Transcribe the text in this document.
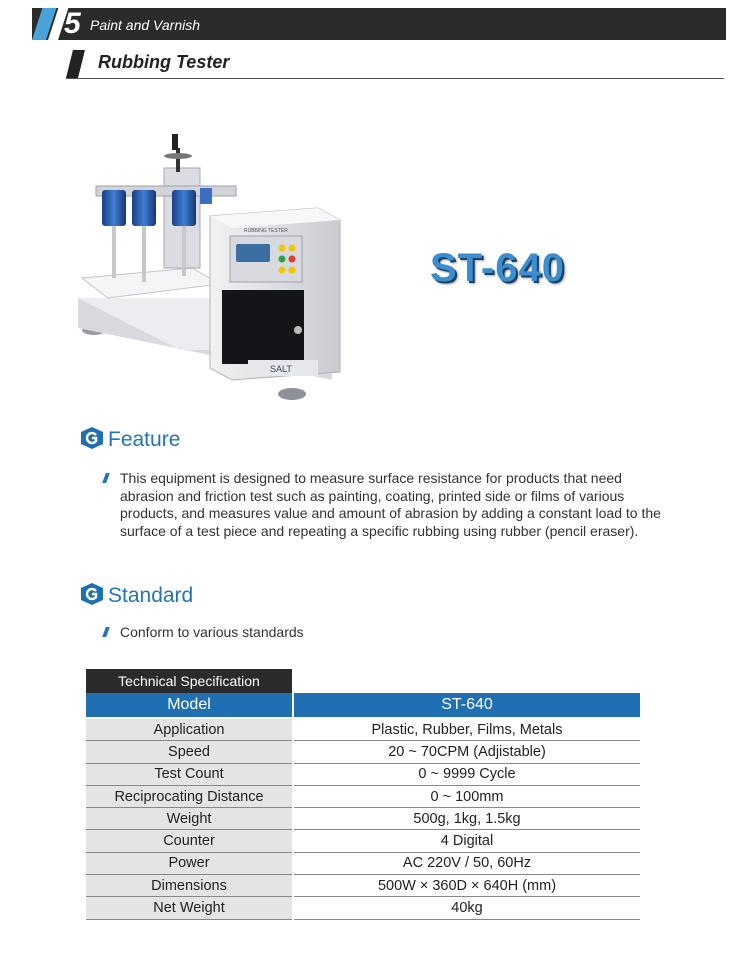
5 Paint and Varnish
Rubbing Tester
SALT
RUBBING TESTER
ST-640
Feature
This equipment is designed to measure surface resistance for products that need abrasion and friction test such as painting, coating, printed side or films of various products, and measures value and amount of abrasion by adding a constant load to the surface of a test piece and repeating a specific rubbing using rubber (pencil eraser).
Standard
Conform to various standards
Technical Specification
Model	ST-640
Application	Plastic, Rubber, Films, Metals
Speed	20 ~ 70CPM (Adjistable)
Test Count	0 ~ 9999 Cycle
Reciprocating Distance	0 ~ 100mm
Weight	500g, 1kg, 1.5kg
Counter	4 Digital
Power	AC 220V / 50, 60Hz
Dimensions	500W × 360D × 640H (mm)
Net Weight	40kg
